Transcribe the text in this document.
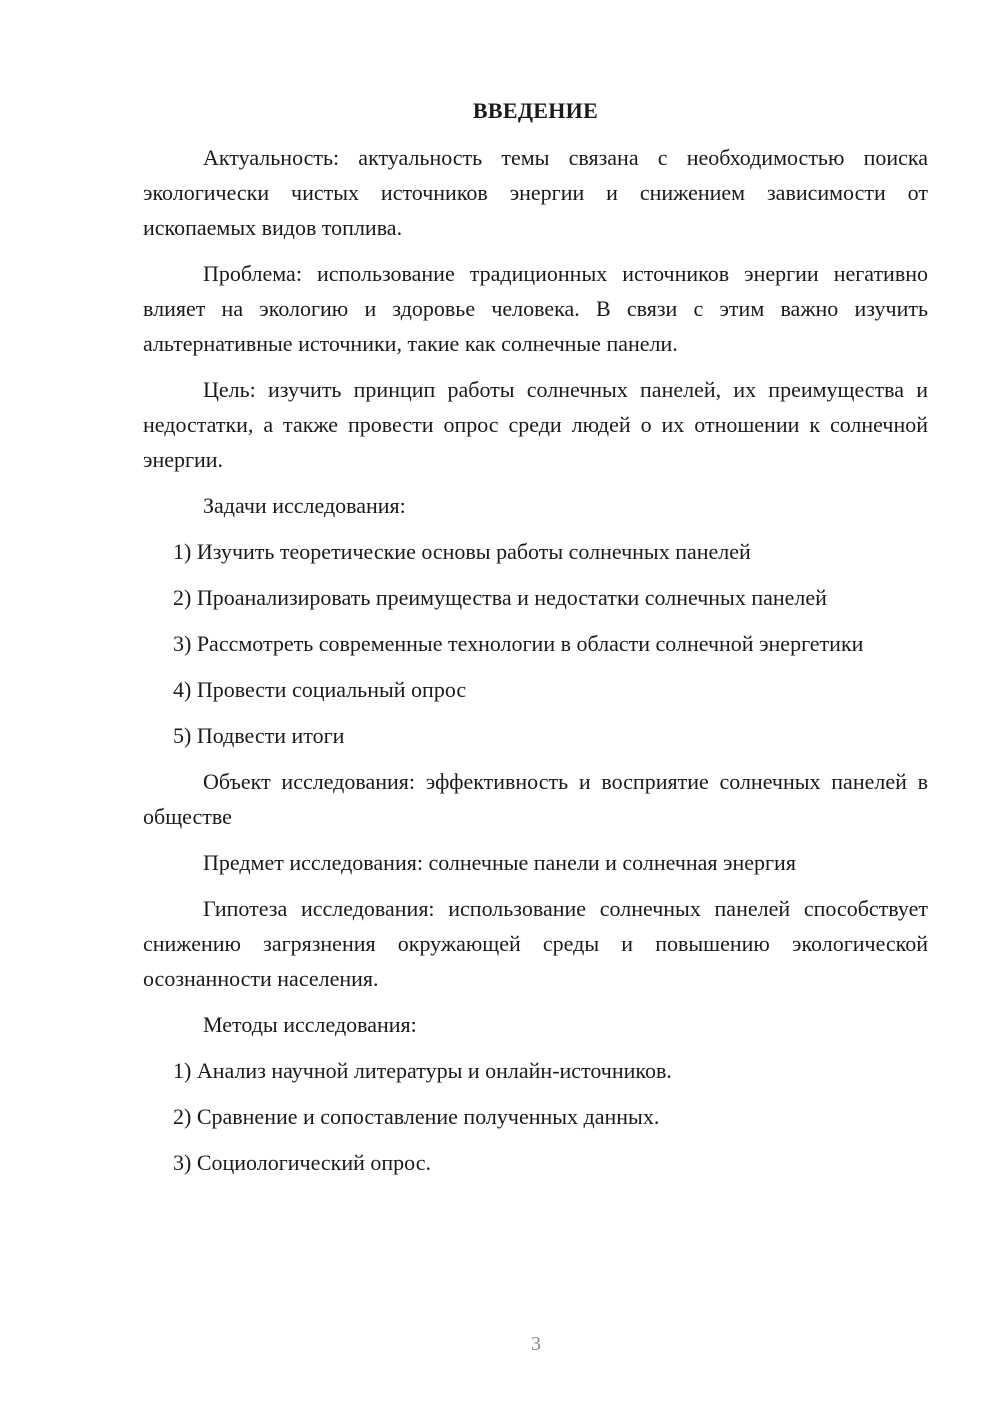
ВВЕДЕНИЕ

Актуальность: актуальность темы связана с необходимостью поиска экологически чистых источников энергии и снижением зависимости от ископаемых видов топлива.

Проблема: использование традиционных источников энергии негативно влияет на экологию и здоровье человека. В связи с этим важно изучить альтернативные источники, такие как солнечные панели.

Цель: изучить принцип работы солнечных панелей, их преимущества и недостатки, а также провести опрос среди людей о их отношении к солнечной энергии.

Задачи исследования:

1) Изучить теоретические основы работы солнечных панелей

2) Проанализировать преимущества и недостатки солнечных панелей

3) Рассмотреть современные технологии в области солнечной энергетики

4) Провести социальный опрос

5) Подвести итоги

Объект исследования: эффективность и восприятие солнечных панелей в обществе

Предмет исследования: солнечные панели и солнечная энергия

Гипотеза исследования: использование солнечных панелей способствует снижению загрязнения окружающей среды и повышению экологической осознанности населения.

Методы исследования:

1) Анализ научной литературы и онлайн-источников.

2) Сравнение и сопоставление полученных данных.

3) Социологический опрос.

3
